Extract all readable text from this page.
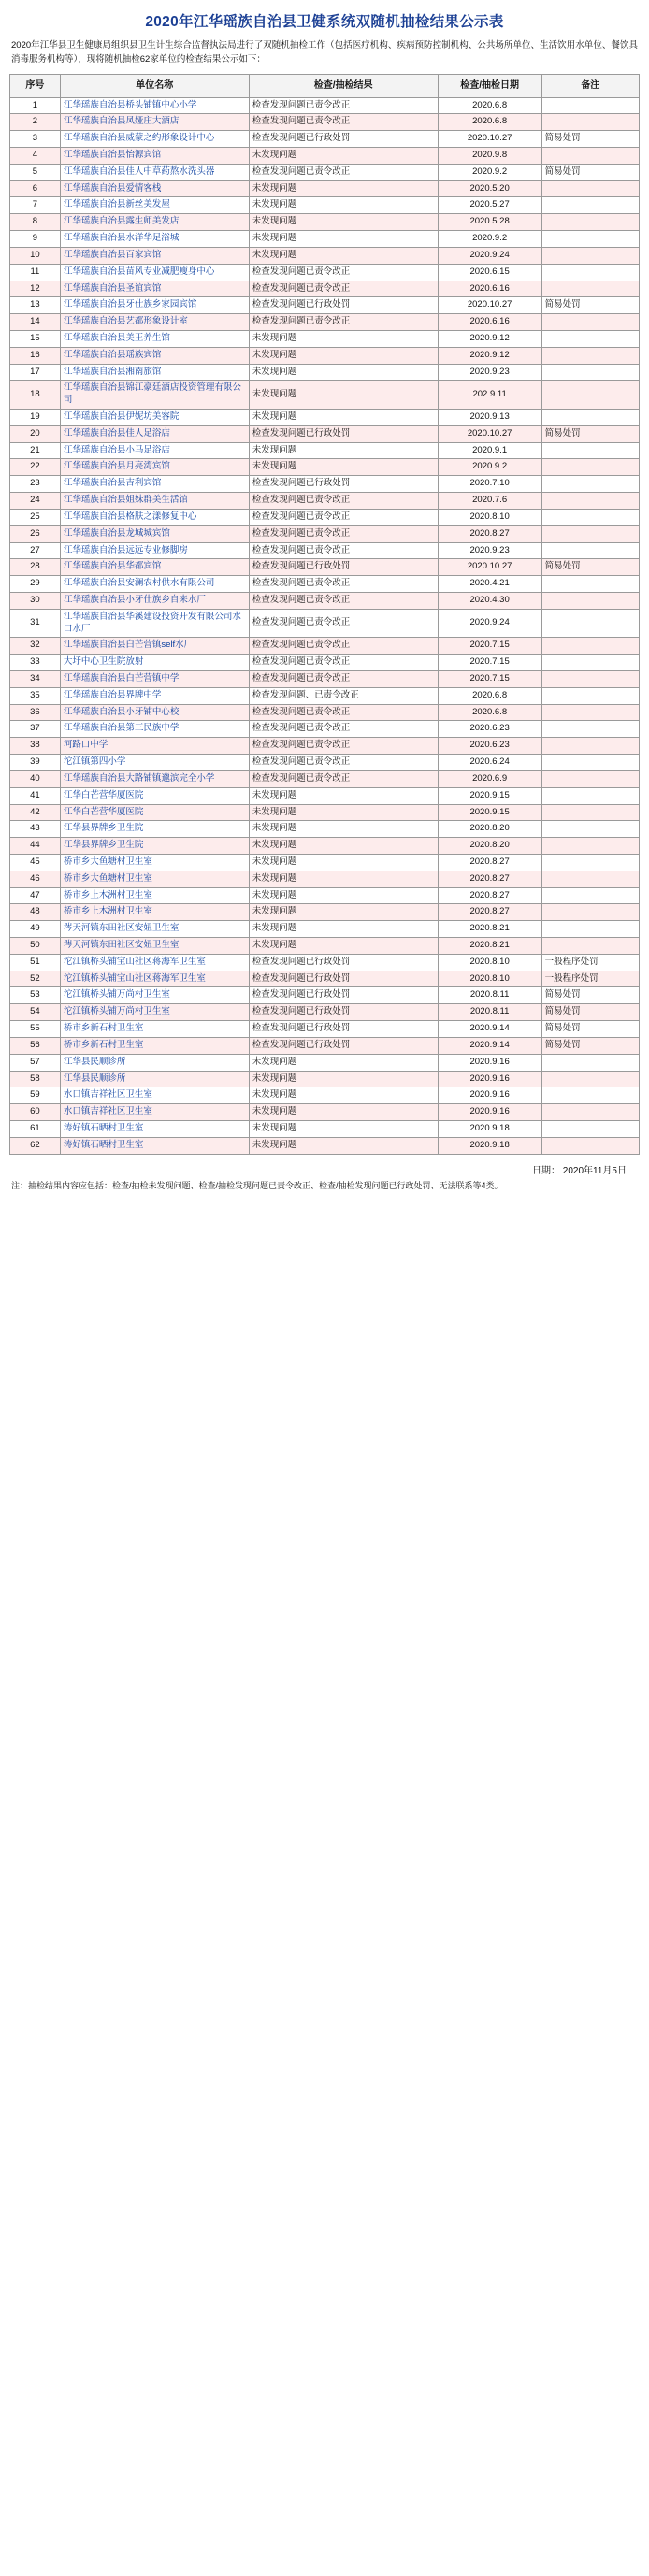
2020年江华瑶族自治县卫健系统双随机抽检结果公示表
2020年江华县卫生健康局组织县卫生计生综合监督执法局进行了双随机抽检工作（包括医疗机构、疾病预防控制机构、公共场所单位、生活饮用水单位、餐饮具消毒服务机构等），现将随机抽检62家单位的检查结果公示如下：
序号	单位名称	检查/抽检结果	检查/抽检日期	备注
1	江华瑶族自治县桥头铺镇中心小学	检查发现问题已责令改正	2020.6.8	
2	江华瑶族自治县凤娅庄大酒店	检查发现问题已责令改正	2020.6.8	
3	江华瑶族自治县威蒙之约形象设计中心	检查发现问题已行政处罚	2020.10.27	简易处罚
4	江华瑶族自治县怡源宾馆	未发现问题	2020.9.8	
5	江华瑶族自治县佳人中草药熬水洗头器	检查发现问题已责令改正	2020.9.2	简易处罚
6	江华瑶族自治县爱情客栈	未发现问题	2020.5.20	
7	江华瑶族自治县新丝美发屋	未发现问题	2020.5.27	
8	江华瑶族自治县露生师美发店	未发现问题	2020.5.28	
9	江华瑶族自治县水洋华足浴城	未发现问题	2020.9.2	
10	江华瑶族自治县百家宾馆	未发现问题	2020.9.24	
11	江华瑶族自治县苗风专业减肥瘦身中心	检查发现问题已责令改正	2020.6.15	
12	江华瑶族自治县圣谊宾馆	检查发现问题已责令改正	2020.6.16	
13	江华瑶族自治县牙仕族乡家园宾馆	检查发现问题已行政处罚	2020.10.27	简易处罚
14	江华瑶族自治县艺都形象设计室	检查发现问题已责令改正	2020.6.16	
15	江华瑶族自治县美王养生馆	未发现问题	2020.9.12	
16	江华瑶族自治县瑶族宾馆	未发现问题	2020.9.12	
17	江华瑶族自治县湘南旅馆	未发现问题	2020.9.23	
18	江华瑶族自治县锦江豪廷酒店投资管理有限公司	未发现问题	202.9.11	
19	江华瑶族自治县伊妮坊美容院	未发现问题	2020.9.13	
20	江华瑶族自治县佳人足浴店	检查发现问题已行政处罚	2020.10.27	简易处罚
21	江华瑶族自治县小马足浴店	未发现问题	2020.9.1	
22	江华瑶族自治县月亮湾宾馆	未发现问题	2020.9.2	
23	江华瑶族自治县吉利宾馆	检查发现问题已行政处罚	2020.7.10	
24	江华瑶族自治县姐妹群美生活馆	检查发现问题已责令改正	2020.7.6	
25	江华瑶族自治县格肤之漾修复中心	检查发现问题已责令改正	2020.8.10	
26	江华瑶族自治县龙城城宾馆	检查发现问题已责令改正	2020.8.27	
27	江华瑶族自治县远远专业修脚房	检查发现问题已责令改正	2020.9.23	
28	江华瑶族自治县华都宾馆	检查发现问题已行政处罚	2020.10.27	简易处罚
29	江华瑶族自治县安澜农村供水有限公司	检查发现问题已责令改正	2020.4.21	
30	江华瑶族自治县小牙仕族乡自来水厂	检查发现问题已责令改正	2020.4.30	
31	江华瑶族自治县华溪建设投资开发有限公司水口水厂	检查发现问题已责令改正	2020.9.24	
32	江华瑶族自治县白芒营镇self水厂	检查发现问题已责令改正	2020.7.15	
33	大圩中心卫生院放射	检查发现问题已责令改正	2020.7.15	
34	江华瑶族自治县白芒营镇中学	检查发现问题已责令改正	2020.7.15	
35	江华瑶族自治县界牌中学	检查发现问题、已责令改正	2020.6.8	
36	江华瑶族自治县小牙铺中心校	检查发现问题已责令改正	2020.6.8	
37	江华瑶族自治县第三民族中学	检查发现问题已责令改正	2020.6.23	
38	河路口中学	检查发现问题已责令改正	2020.6.23	
39	沱江镇第四小学	检查发现问题已责令改正	2020.6.24	
40	江华瑶族自治县大路铺镇邋滨完全小学	检查发现问题已责令改正	2020.6.9	
41	江华白芒营华厦医院	未发现问题	2020.9.15	
42	江华白芒营华厦医院	未发现问题	2020.9.15	
43	江华县界牌乡卫生院	未发现问题	2020.8.20	
44	江华县界牌乡卫生院	未发现问题	2020.8.20	
45	桥市乡大鱼塘村卫生室	未发现问题	2020.8.27	
46	桥市乡大鱼塘村卫生室	未发现问题	2020.8.27	
47	桥市乡上木洲村卫生室	未发现问题	2020.8.27	
48	桥市乡上木洲村卫生室	未发现问题	2020.8.27	
49	涔天河镇东田社区安妞卫生室	未发现问题	2020.8.21	
50	涔天河镇东田社区安妞卫生室	未发现问题	2020.8.21	
51	沱江镇桥头铺宝山社区蒋海军卫生室	检查发现问题已行政处罚	2020.8.10	一般程序处罚
52	沱江镇桥头铺宝山社区蒋海军卫生室	检查发现问题已行政处罚	2020.8.10	一般程序处罚
53	沱江镇桥头铺万尚村卫生室	检查发现问题已行政处罚	2020.8.11	简易处罚
54	沱江镇桥头铺万尚村卫生室	检查发现问题已行政处罚	2020.8.11	简易处罚
55	桥市乡新石村卫生室	检查发现问题已行政处罚	2020.9.14	简易处罚
56	桥市乡新石村卫生室	检查发现问题已行政处罚	2020.9.14	简易处罚
57	江华县民顺诊所	未发现问题	2020.9.16	
58	江华县民顺诊所	未发现问题	2020.9.16	
59	水口镇吉祥社区卫生室	未发现问题	2020.9.16	
60	水口镇吉祥社区卫生室	未发现问题	2020.9.16	
61	涛好镇石晒村卫生室	未发现问题	2020.9.18	
62	涛好镇石晒村卫生室	未发现问题	2020.9.18	
日期： 2020年11月5日
注：抽检结果内容应包括：检查/抽检未发现问题、检查/抽检发现问题已责令改正、检查/抽检发现问题已行政处罚、无法联系等4类。
